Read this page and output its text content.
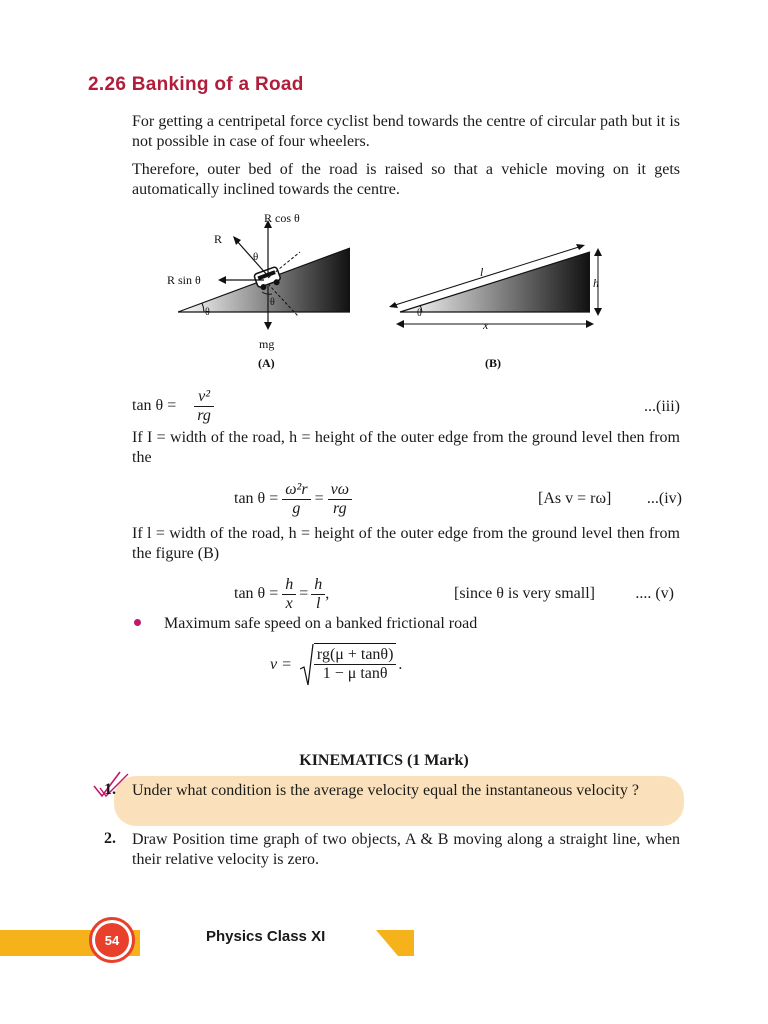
2.26 Banking of a Road
For getting a centripetal force cyclist bend towards the centre of circular path but it is not possible in case of four wheelers.
Therefore, outer bed of the road is raised so that a vehicle moving on it gets automatically inclined towards the centre.
R cos θ
R
θ
R sin θ
θ
θ
mg
(A)
l
h
x
θ
(B)
$\tan \theta = \frac{\text{v²}}{rg}$	...(iii)
If I = width of the road, h = height of the outer edge from the ground level then from the
$\tan \theta = \frac{\text{ω²r}}{g} = \frac{v\omega}{rg}$	[As v = rω]	...(iv)
If l = width of the road, h = height of the outer edge from the ground level then from the figure (B)
$\tan \theta = \frac{h}{x} = \frac{h}{l}$ ,	[since θ is very small]	.... (v)
Maximum safe speed on a banked frictional road
$v = \frac{rg(\mu + \tan\theta)}{\text{1 − μ tanθ}}$ .
KINEMATICS (1 Mark)
1. Under what condition is the average velocity equal the instantaneous velocity ?
2. Draw Position time graph of two objects, A & B moving along a straight line, when their relative velocity is zero.
54	Physics Class XI
